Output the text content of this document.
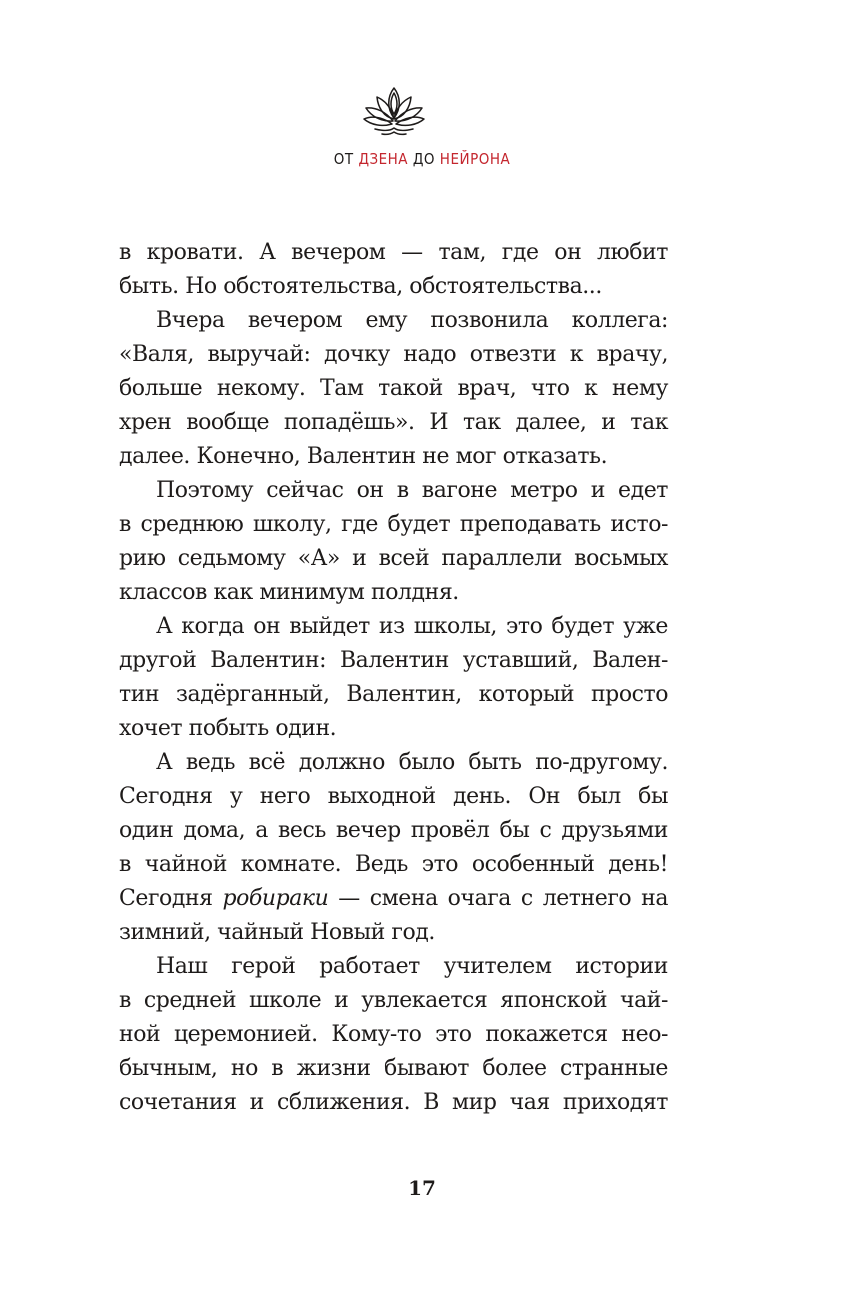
ОТ ДЗЕНА ДО НЕЙРОНА
в кровати. А вечером — там, где он любит
быть. Но обстоятельства, обстоятельства...
Вчера вечером ему позвонила коллега:
«Валя, выручай: дочку надо отвезти к врачу,
больше некому. Там такой врач, что к нему
хрен вообще попадёшь». И так далее, и так
далее. Конечно, Валентин не мог отказать.
Поэтому сейчас он в вагоне метро и едет
в среднюю школу, где будет преподавать исто-
рию седьмому «А» и всей параллели восьмых
классов как минимум полдня.
А когда он выйдет из школы, это будет уже
другой Валентин: Валентин уставший, Вален-
тин задёрганный, Валентин, который просто
хочет побыть один.
А ведь всё должно было быть по-другому.
Сегодня у него выходной день. Он был бы
один дома, а весь вечер провёл бы с друзьями
в чайной комнате. Ведь это особенный день!
Сегодня робираки — смена очага с летнего на
зимний, чайный Новый год.
Наш герой работает учителем истории
в средней школе и увлекается японской чай-
ной церемонией. Кому-то это покажется нео-
бычным, но в жизни бывают более странные
сочетания и сближения. В мир чая приходят
17
